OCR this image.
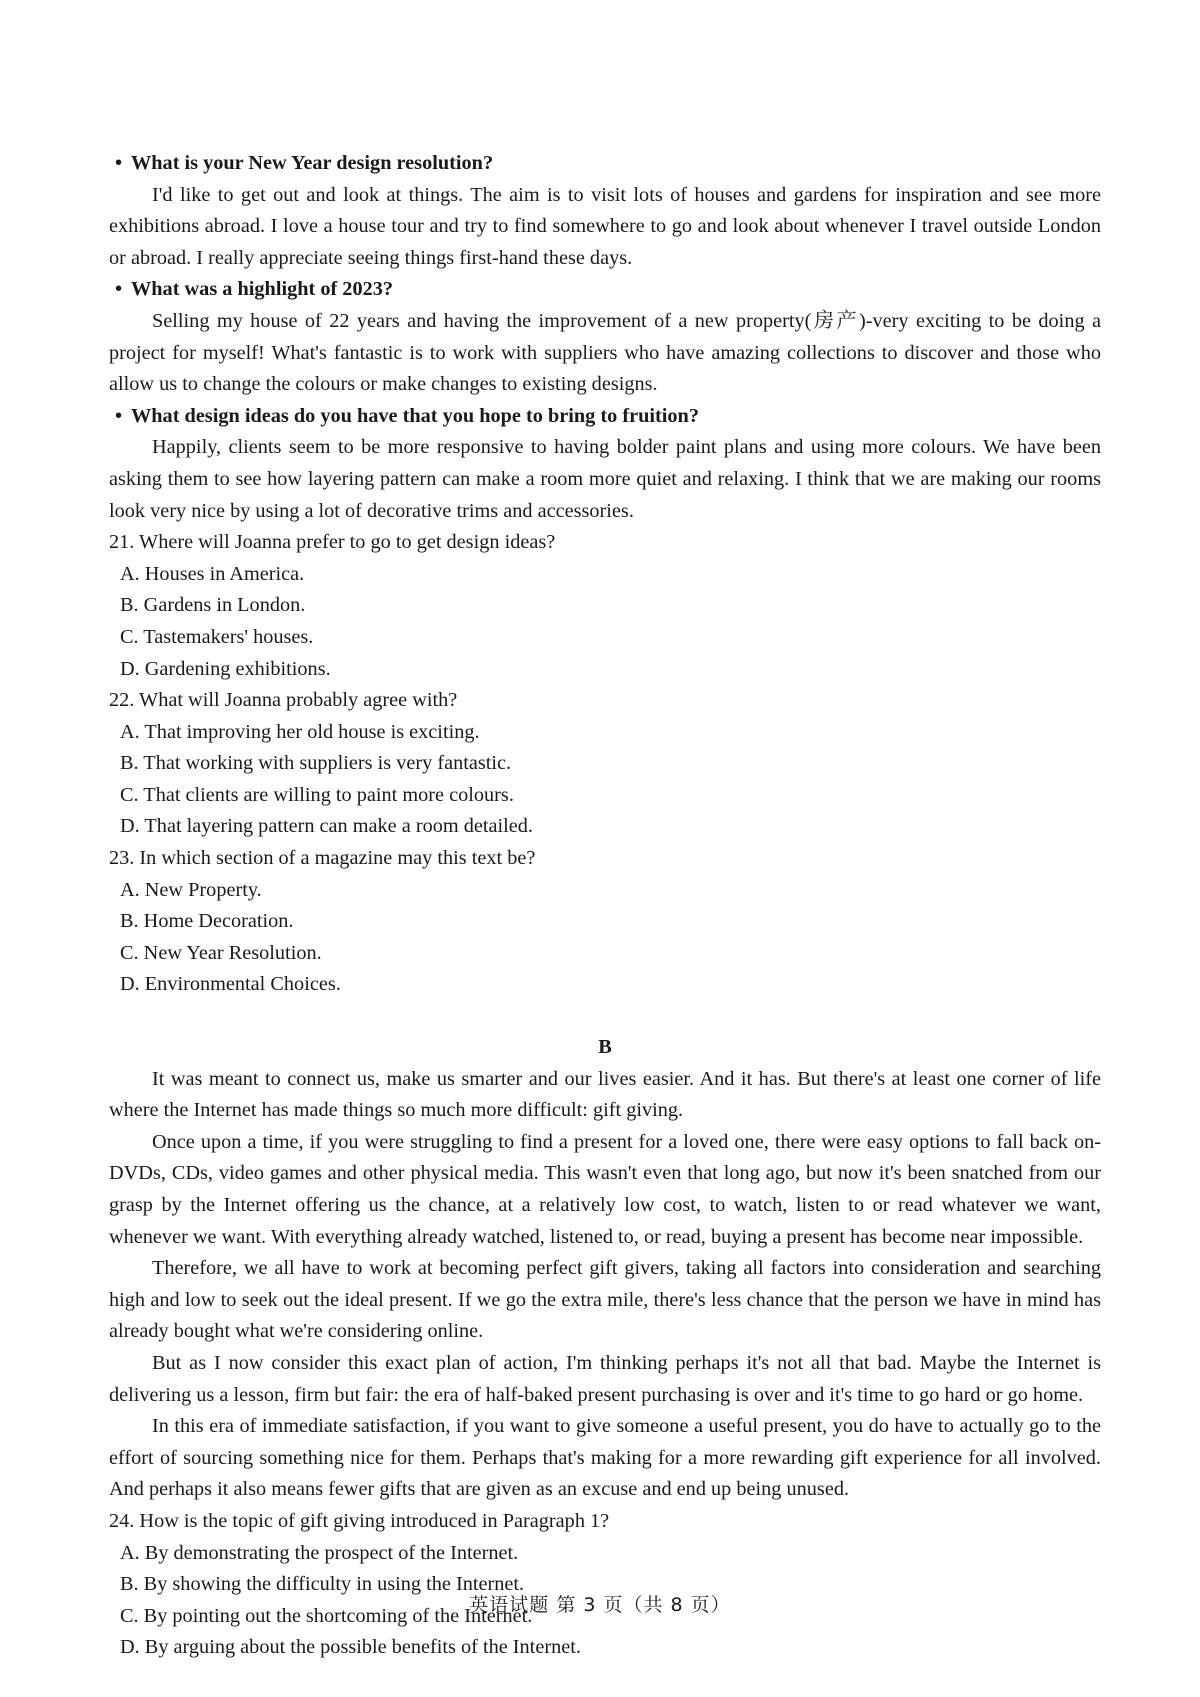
• What is your New Year design resolution?

I'd like to get out and look at things. The aim is to visit lots of houses and gardens for inspiration and see more exhibitions abroad. I love a house tour and try to find somewhere to go and look about whenever I travel outside London or abroad. I really appreciate seeing things first-hand these days.

• What was a highlight of 2023?

Selling my house of 22 years and having the improvement of a new property(房产)-very exciting to be doing a project for myself! What's fantastic is to work with suppliers who have amazing collections to discover and those who allow us to change the colours or make changes to existing designs.

• What design ideas do you have that you hope to bring to fruition?

Happily, clients seem to be more responsive to having bolder paint plans and using more colours. We have been asking them to see how layering pattern can make a room more quiet and relaxing. I think that we are making our rooms look very nice by using a lot of decorative trims and accessories.

21. Where will Joanna prefer to go to get design ideas?
A. Houses in America.
B. Gardens in London.
C. Tastemakers' houses.
D. Gardening exhibitions.
22. What will Joanna probably agree with?
A. That improving her old house is exciting.
B. That working with suppliers is very fantastic.
C. That clients are willing to paint more colours.
D. That layering pattern can make a room detailed.
23. In which section of a magazine may this text be?
A. New Property.
B. Home Decoration.
C. New Year Resolution.
D. Environmental Choices.
B

It was meant to connect us, make us smarter and our lives easier. And it has. But there's at least one corner of life where the Internet has made things so much more difficult: gift giving.

Once upon a time, if you were struggling to find a present for a loved one, there were easy options to fall back on-DVDs, CDs, video games and other physical media. This wasn't even that long ago, but now it's been snatched from our grasp by the Internet offering us the chance, at a relatively low cost, to watch, listen to or read whatever we want, whenever we want. With everything already watched, listened to, or read, buying a present has become near impossible.

Therefore, we all have to work at becoming perfect gift givers, taking all factors into consideration and searching high and low to seek out the ideal present. If we go the extra mile, there's less chance that the person we have in mind has already bought what we're considering online.

But as I now consider this exact plan of action, I'm thinking perhaps it's not all that bad. Maybe the Internet is delivering us a lesson, firm but fair: the era of half-baked present purchasing is over and it's time to go hard or go home.

In this era of immediate satisfaction, if you want to give someone a useful present, you do have to actually go to the effort of sourcing something nice for them. Perhaps that's making for a more rewarding gift experience for all involved. And perhaps it also means fewer gifts that are given as an excuse and end up being unused.

24. How is the topic of gift giving introduced in Paragraph 1?
A. By demonstrating the prospect of the Internet.
B. By showing the difficulty in using the Internet.
C. By pointing out the shortcoming of the Internet.
D. By arguing about the possible benefits of the Internet.
英语试题 第 3 页（共 8 页）
